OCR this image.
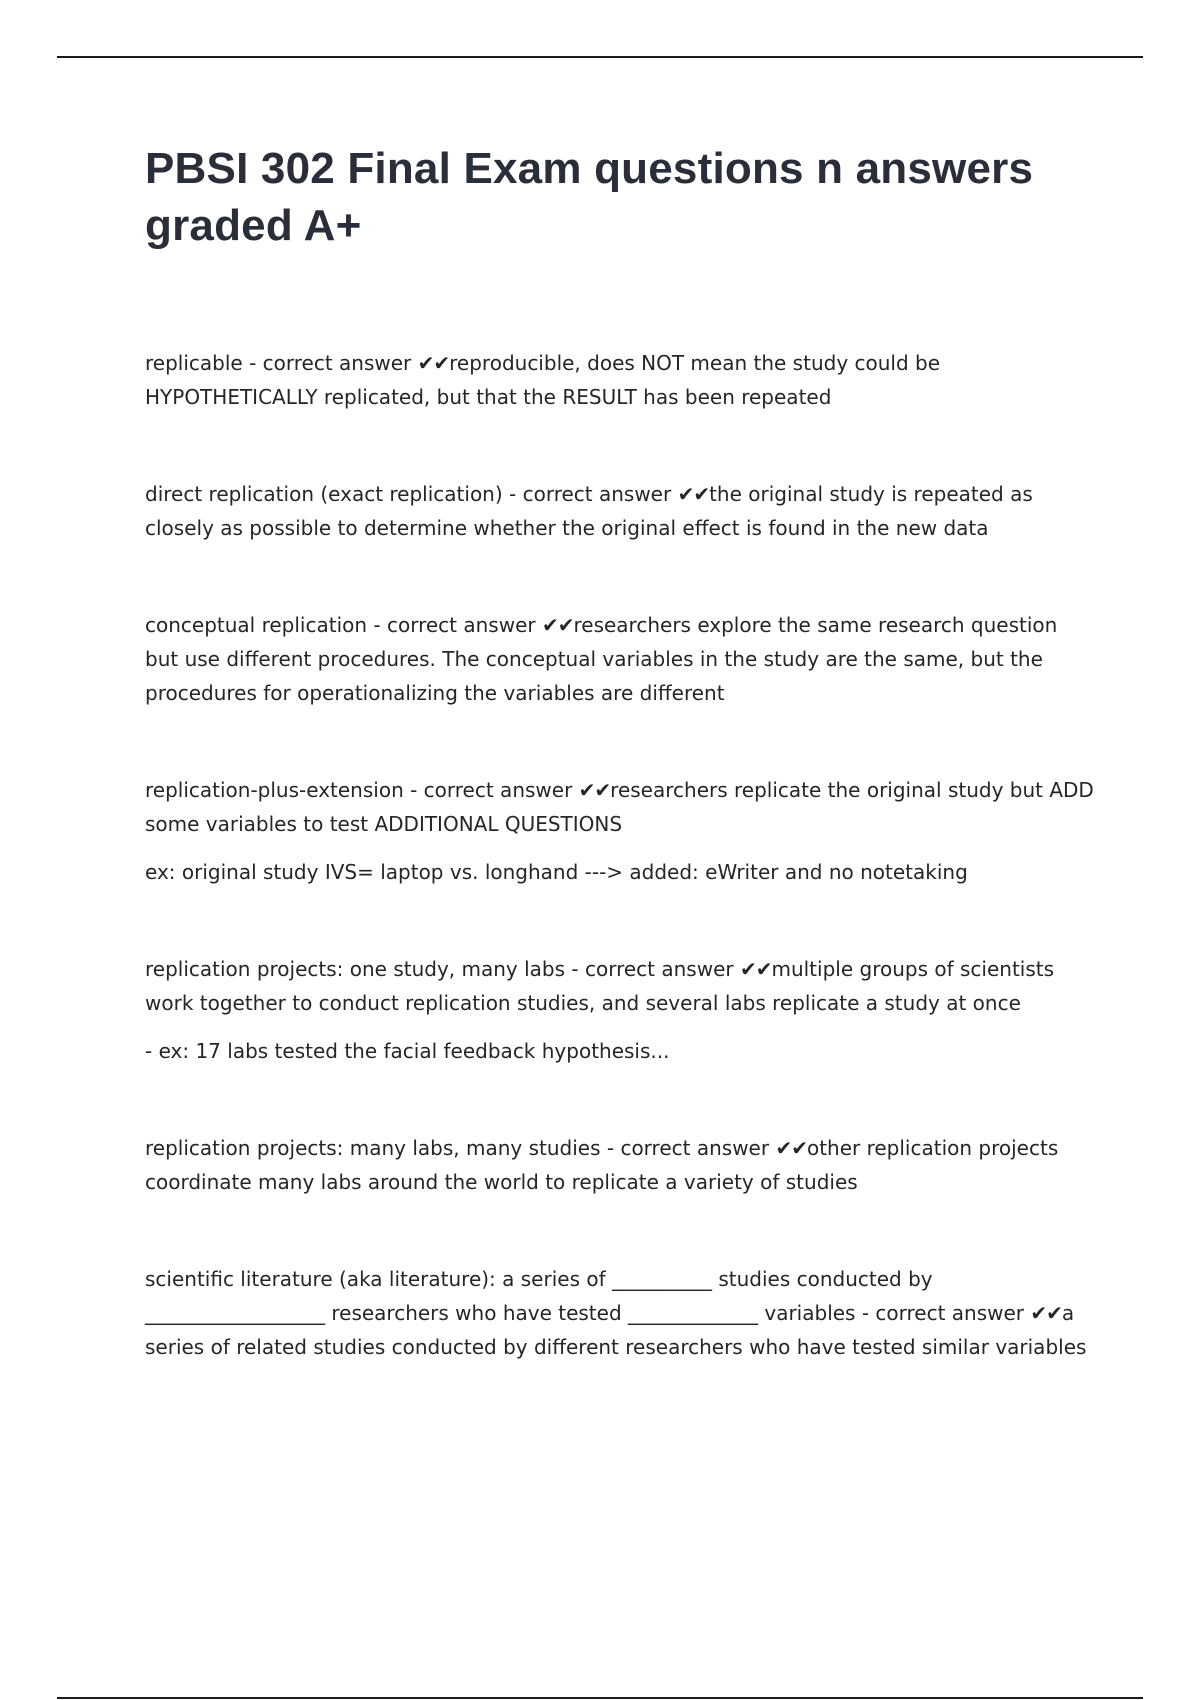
PBSI 302 Final Exam questions n answers graded A+

replicable - correct answer ✔✔reproducible, does NOT mean the study could be HYPOTHETICALLY replicated, but that the RESULT has been repeated

direct replication (exact replication) - correct answer ✔✔the original study is repeated as closely as possible to determine whether the original effect is found in the new data

conceptual replication - correct answer ✔✔researchers explore the same research question but use different procedures. The conceptual variables in the study are the same, but the procedures for operationalizing the variables are different

replication-plus-extension - correct answer ✔✔researchers replicate the original study but ADD some variables to test ADDITIONAL QUESTIONS

ex: original study IVS= laptop vs. longhand ---> added: eWriter and no notetaking

replication projects: one study, many labs - correct answer ✔✔multiple groups of scientists work together to conduct replication studies, and several labs replicate a study at once

- ex: 17 labs tested the facial feedback hypothesis...

replication projects: many labs, many studies - correct answer ✔✔other replication projects coordinate many labs around the world to replicate a variety of studies

scientific literature (aka literature): a series of __________ studies conducted by __________________ researchers who have tested _____________ variables - correct answer ✔✔a series of related studies conducted by different researchers who have tested similar variables
